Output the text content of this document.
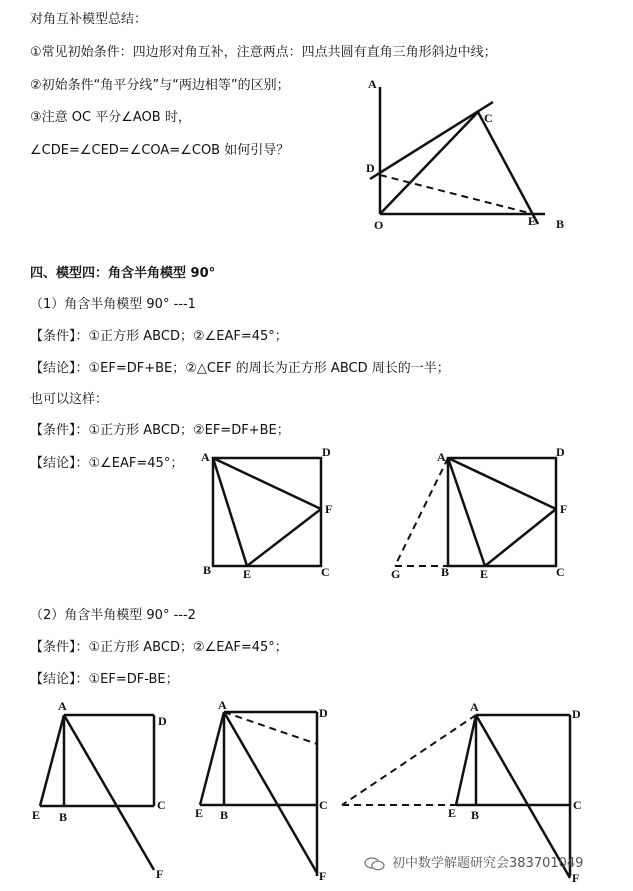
对角互补模型总结：
①常见初始条件：四边形对角互补，注意两点：四点共圆有直角三角形斜边中线；
②初始条件“角平分线”与“两边相等”的区别；
③注意 OC 平分∠AOB 时，
∠CDE=∠CED=∠COA=∠COB 如何引导？
四、模型四：角含半角模型 90°
（1）角含半角模型 90° ---1
【条件】：①正方形 ABCD；②∠EAF=45°；
【结论】：①EF=DF+BE；②△CEF 的周长为正方形 ABCD 周长的一半；
也可以这样：
【条件】：①正方形 ABCD；②EF=DF+BE；
【结论】：①∠EAF=45°；
（2）角含半角模型 90° ---2
【条件】：①正方形 ABCD；②∠EAF=45°；
【结论】：①EF=DF-BE；
A
C
D
O	E B
A	D
F
B	E	C
A	D
F
G	B	E	C
A
D
C
E B
F
A
D
C
E B
F
A	D
C
E B
F
初中数学解题研究会383701049
